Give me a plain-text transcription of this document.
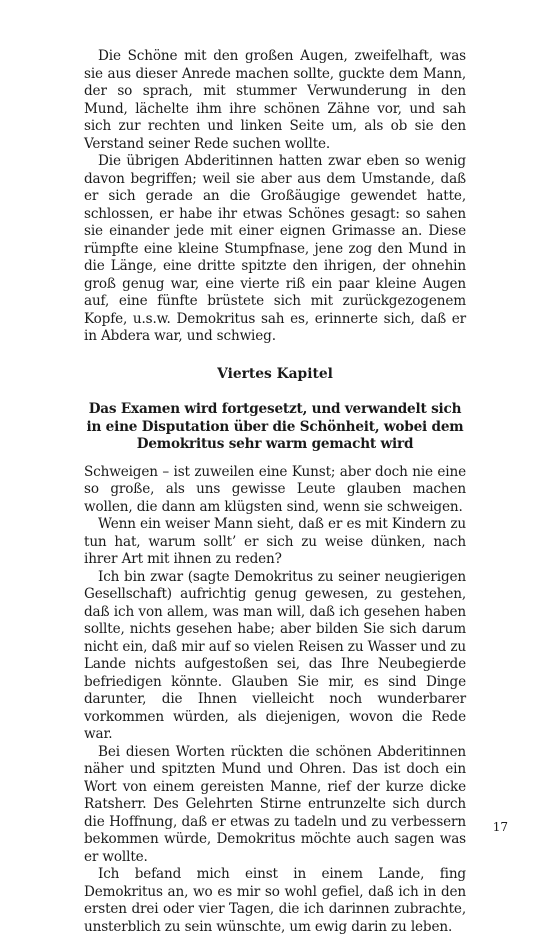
Die Schöne mit den großen Augen, zweifelhaft, was sie aus dieser Anrede machen sollte, guckte dem Mann, der so sprach, mit stummer Verwunderung in den Mund, lächelte ihm ihre schönen Zähne vor, und sah sich zur rechten und linken Seite um, als ob sie den Verstand seiner Rede suchen wollte.

Die übrigen Abderitinnen hatten zwar eben so wenig davon begriffen; weil sie aber aus dem Umstande, daß er sich gerade an die Großäugige gewendet hatte, schlossen, er habe ihr etwas Schönes gesagt: so sahen sie einander jede mit einer eignen Grimasse an. Diese rümpfte eine kleine Stumpfnase, jene zog den Mund in die Länge, eine dritte spitzte den ihrigen, der ohnehin groß genug war, eine vierte riß ein paar kleine Augen auf, eine fünfte brüstete sich mit zurückgezogenem Kopfe, u.s.w. Demokritus sah es, erinnerte sich, daß er in Abdera war, und schwieg.

Viertes Kapitel
Das Examen wird fortgesetzt, und verwandelt sich in eine Disputation über die Schönheit, wobei dem Demokritus sehr warm gemacht wird

Schweigen – ist zuweilen eine Kunst; aber doch nie eine so große, als uns gewisse Leute glauben machen wollen, die dann am klügsten sind, wenn sie schweigen.

Wenn ein weiser Mann sieht, daß er es mit Kindern zu tun hat, warum sollt’ er sich zu weise dünken, nach ihrer Art mit ihnen zu reden?

Ich bin zwar (sagte Demokritus zu seiner neugierigen Gesellschaft) aufrichtig genug gewesen, zu gestehen, daß ich von allem, was man will, daß ich gesehen haben sollte, nichts gesehen habe; aber bilden Sie sich darum nicht ein, daß mir auf so vielen Reisen zu Wasser und zu Lande nichts aufgestoßen sei, das Ihre Neubegierde befriedigen könnte. Glauben Sie mir, es sind Dinge darunter, die Ihnen vielleicht noch wunderbarer vorkommen würden, als diejenigen, wovon die Rede war.

Bei diesen Worten rückten die schönen Abderitinnen näher und spitzten Mund und Ohren. Das ist doch ein Wort von einem gereisten Manne, rief der kurze dicke Ratsherr. Des Gelehrten Stirne entrunzelte sich durch die Hoffnung, daß er etwas zu tadeln und zu verbessern bekommen würde, Demokritus möchte auch sagen was er wollte.

Ich befand mich einst in einem Lande, fing Demokritus an, wo es mir so wohl gefiel, daß ich in den ersten drei oder vier Tagen, die ich darinnen zubrachte, unsterblich zu sein wünschte, um ewig darin zu leben.

17
